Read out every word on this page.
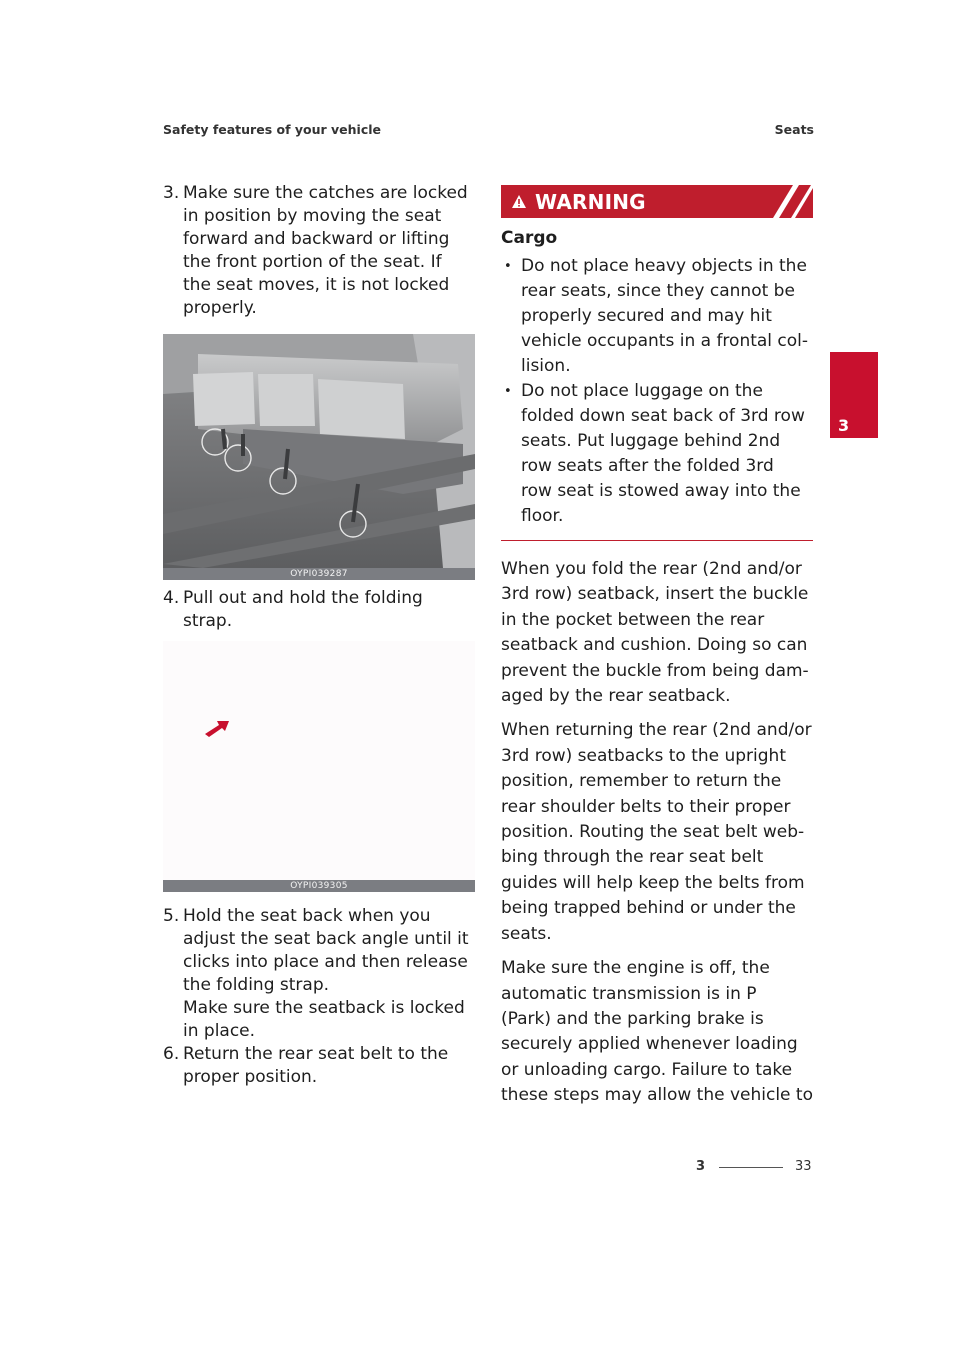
Safety features of your vehicle	Seats
3
3. Make sure the catches are locked
in position by moving the seat
forward and backward or lifting
the front portion of the seat. If
the seat moves, it is not locked
properly.
OYPI039287
4. Pull out and hold the folding strap.
OYPI039305
5. Hold the seat back when you
adjust the seat back angle until it
clicks into place and then release
the folding strap.
Make sure the seatback is locked
in place.
6. Return the rear seat belt to the
proper position.
WARNING
Cargo
• Do not place heavy objects in the
rear seats, since they cannot be
properly secured and may hit
vehicle occupants in a frontal col-
lision.
• Do not place luggage on the
folded down seat back of 3rd row
seats. Put luggage behind 2nd
row seats after the folded 3rd
row seat is stowed away into the
floor.

When you fold the rear (2nd and/or
3rd row) seatback, insert the buckle
in the pocket between the rear
seatback and cushion. Doing so can
prevent the buckle from being dam-
aged by the rear seatback.

When returning the rear (2nd and/or
3rd row) seatbacks to the upright
position, remember to return the
rear shoulder belts to their proper
position. Routing the seat belt web-
bing through the rear seat belt
guides will help keep the belts from
being trapped behind or under the
seats.

Make sure the engine is off, the
automatic transmission is in P
(Park) and the parking brake is
securely applied whenever loading
or unloading cargo. Failure to take
these steps may allow the vehicle to

3	33
